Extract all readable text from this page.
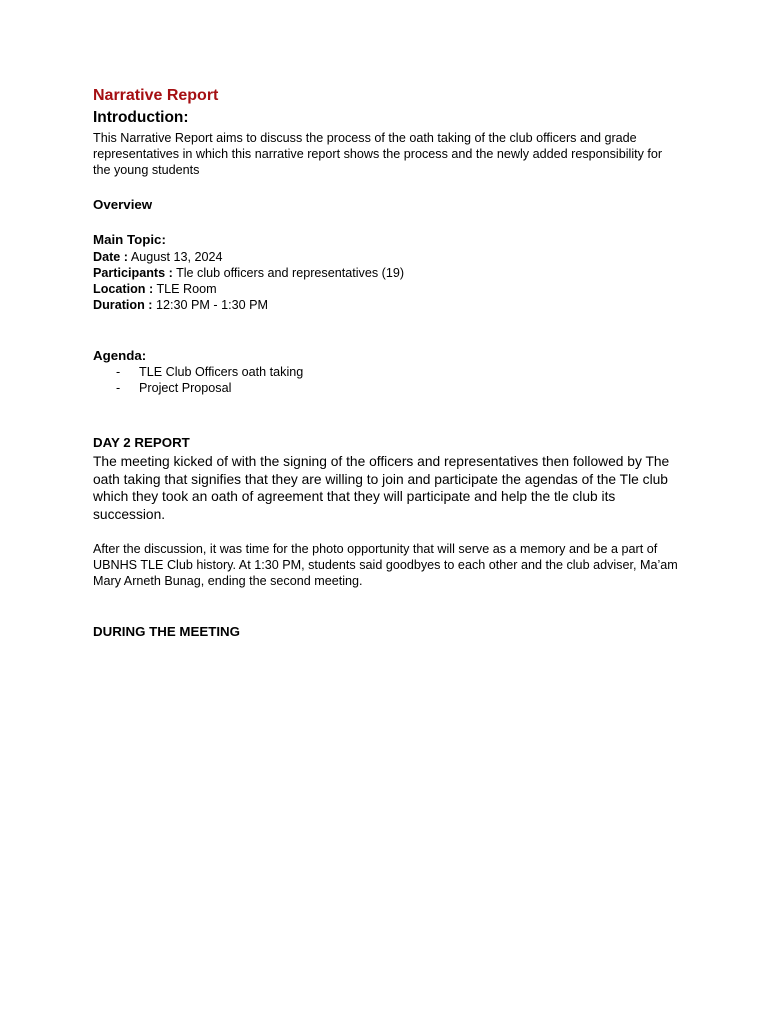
Narrative Report
Introduction:

This Narrative Report aims to discuss the process of the oath taking of the club officers and grade representatives in which this narrative report shows the process and the newly added responsibility for the young students

Overview
Main Topic:
Date : August 13, 2024
Participants : Tle club officers and representatives (19)
Location : TLE Room
Duration : 12:30 PM - 1:30 PM
Agenda:
- TLE Club Officers oath taking
- Project Proposal
DAY 2 REPORT

The meeting kicked of with the signing of the officers and representatives then followed by The oath taking that signifies that they are willing to join and participate the agendas of the Tle club which they took an oath of agreement that they will participate and help the tle club its succession.

After the discussion, it was time for the photo opportunity that will serve as a memory and be a part of UBNHS TLE Club history. At 1:30 PM, students said goodbyes to each other and the club adviser, Ma’am Mary Arneth Bunag, ending the second meeting.

DURING THE MEETING
